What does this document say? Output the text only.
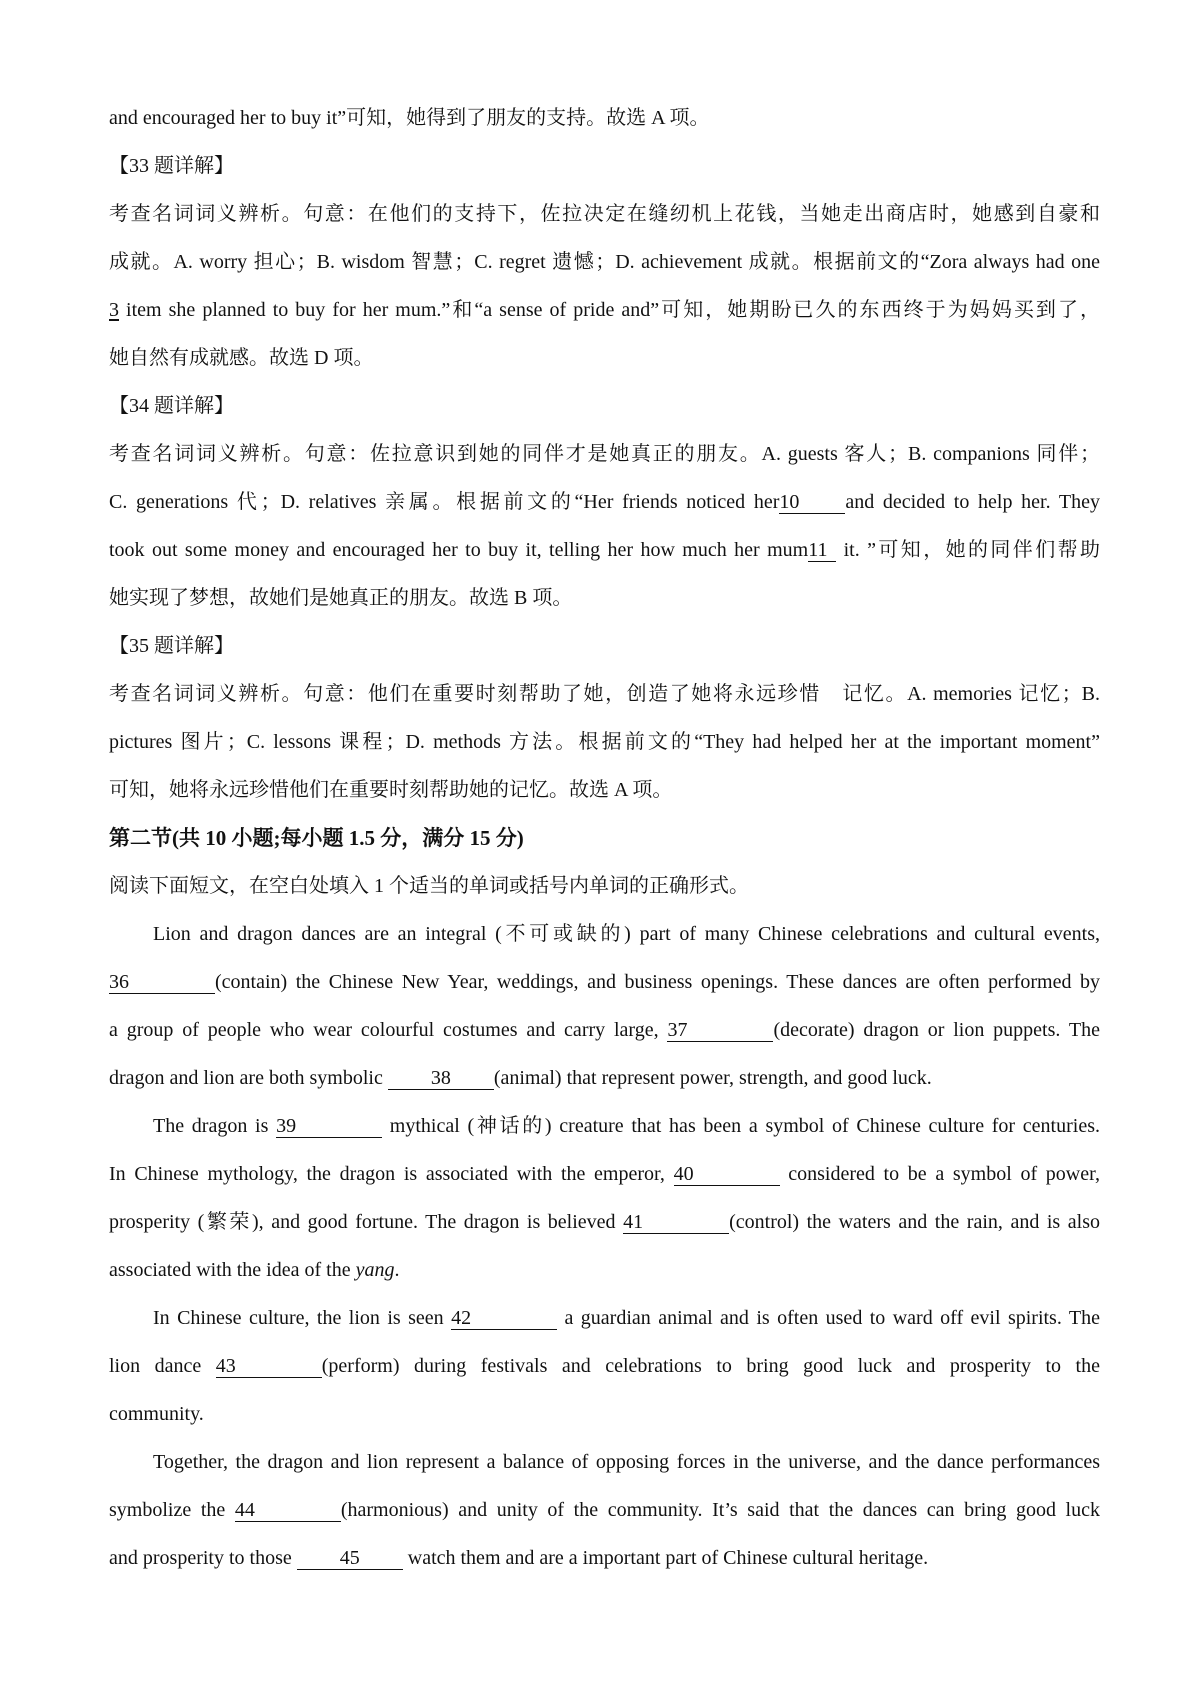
and encouraged her to buy it”可知，她得到了朋友的支持。故选 A 项。
【33 题详解】
考查名词词义辨析。句意：在他们的支持下，佐拉决定在缝纫机上花钱，当她走出商店时，她感到自豪和
成就。A. worry 担心；B. wisdom 智慧；C. regret 遗憾；D. achievement 成就。根据前文的“Zora always had one
3 item she planned to buy for her mum.”和“a sense of pride and”可知，她期盼已久的东西终于为妈妈买到了，
她自然有成就感。故选 D 项。
【34 题详解】
考查名词词义辨析。句意：佐拉意识到她的同伴才是她真正的朋友。A. guests 客人；B. companions 同伴；
C. generations 代；D. relatives 亲属。根据前文的“Her friends noticed her10 and decided to help her. They
took out some money and encouraged her to buy it, telling her how much her mum11 it. ”可知，她的同伴们帮助
她实现了梦想，故她们是她真正的朋友。故选 B 项。
【35 题详解】
考查名词词义辨析。句意：他们在重要时刻帮助了她，创造了她将永远珍惜　记忆。A. memories 记忆；B.
pictures 图片；C. lessons 课程；D. methods 方法。根据前文的“They had helped her at the important moment”
可知，她将永远珍惜他们在重要时刻帮助她的记忆。故选 A 项。
第二节(共 10 小题;每小题 1.5 分，满分 15 分)
阅读下面短文，在空白处填入 1 个适当的单词或括号内单词的正确形式。
Lion and dragon dances are an integral (不可或缺的) part of many Chinese celebrations and cultural events,
36	(contain) the Chinese New Year, weddings, and business openings. These dances are often performed by
a group of people who wear colourful costumes and carry large, 37	(decorate) dragon or lion puppets. The
dragon and lion are both symbolic 38 (animal) that represent power, strength, and good luck.
The dragon is 39	mythical (神话的) creature that has been a symbol of Chinese culture for centuries.
In Chinese mythology, the dragon is associated with the emperor, 40	considered to be a symbol of power,
prosperity (繁荣), and good fortune. The dragon is believed 41	(control) the waters and the rain, and is also
associated with the idea of the yang.
In Chinese culture, the lion is seen 42	a guardian animal and is often used to ward off evil spirits. The
lion dance 43	(perform) during festivals and celebrations to bring good luck and prosperity to the
community.
Together, the dragon and lion represent a balance of opposing forces in the universe, and the dance performances
symbolize the 44	(harmonious) and unity of the community. It’s said that the dances can bring good luck
and prosperity to those 45 watch them and are a important part of Chinese cultural heritage.
